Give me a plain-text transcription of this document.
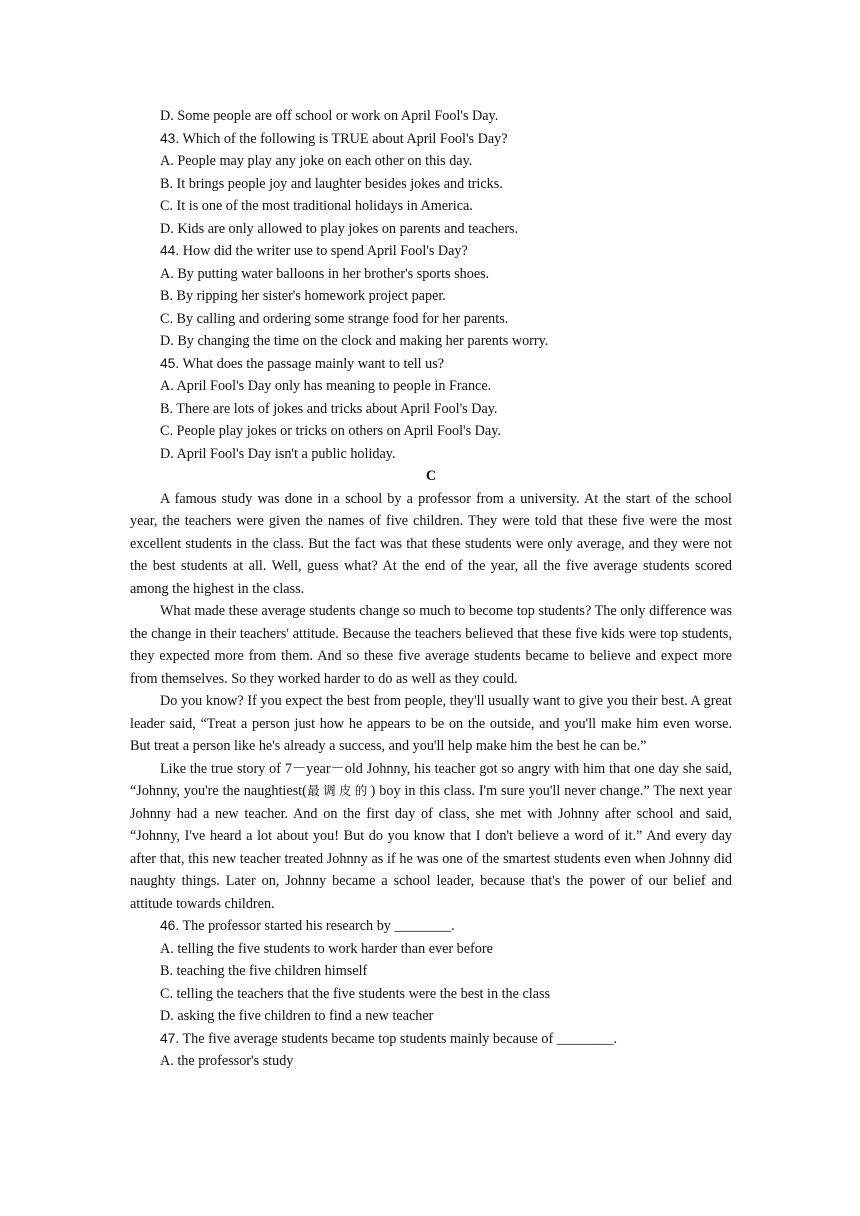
D. Some people are off school or work on April Fool's Day.

43. Which of the following is TRUE about April Fool's Day?

A. People may play any joke on each other on this day.

B. It brings people joy and laughter besides jokes and tricks.

C. It is one of the most traditional holidays in America.

D. Kids are only allowed to play jokes on parents and teachers.

44. How did the writer use to spend April Fool's Day?

A. By putting water balloons in her brother's sports shoes.

B. By ripping her sister's homework project paper.

C. By calling and ordering some strange food for her parents.

D. By changing the time on the clock and making her parents worry.

45. What does the passage mainly want to tell us?

A. April Fool's Day only has meaning to people in France.

B. There are lots of jokes and tricks about April Fool's Day.

C. People play jokes or tricks on others on April Fool's Day.

D. April Fool's Day isn't a public holiday.

C

A famous study was done in a school by a professor from a university. At the start of the school year, the teachers were given the names of five children. They were told that these five were the most excellent students in the class. But the fact was that these students were only average, and they were not the best students at all. Well, guess what? At the end of the year, all the five average students scored among the highest in the class.

What made these average students change so much to become top students? The only difference was the change in their teachers' attitude. Because the teachers believed that these five kids were top students, they expected more from them. And so these five average students became to believe and expect more from themselves. So they worked harder to do as well as they could.

Do you know? If you expect the best from people, they'll usually want to give you their best. A great leader said, “Treat a person just how he appears to be on the outside, and you'll make him even worse. But treat a person like he's already a success, and you'll help make him the best he can be.”

Like the true story of 7－year－old Johnny, his teacher got so angry with him that one day she said, “Johnny, you're the naughtiest(最调皮的) boy in this class. I'm sure you'll never change.” The next year Johnny had a new teacher. And on the first day of class, she met with Johnny after school and said, “Johnny, I've heard a lot about you! But do you know that I don't believe a word of it.” And every day after that, this new teacher treated Johnny as if he was one of the smartest students even when Johnny did naughty things. Later on, Johnny became a school leader, because that's the power of our belief and attitude towards children.

46. The professor started his research by ________.

A. telling the five students to work harder than ever before

B. teaching the five children himself

C. telling the teachers that the five students were the best in the class

D. asking the five children to find a new teacher

47. The five average students became top students mainly because of ________.

A. the professor's study
